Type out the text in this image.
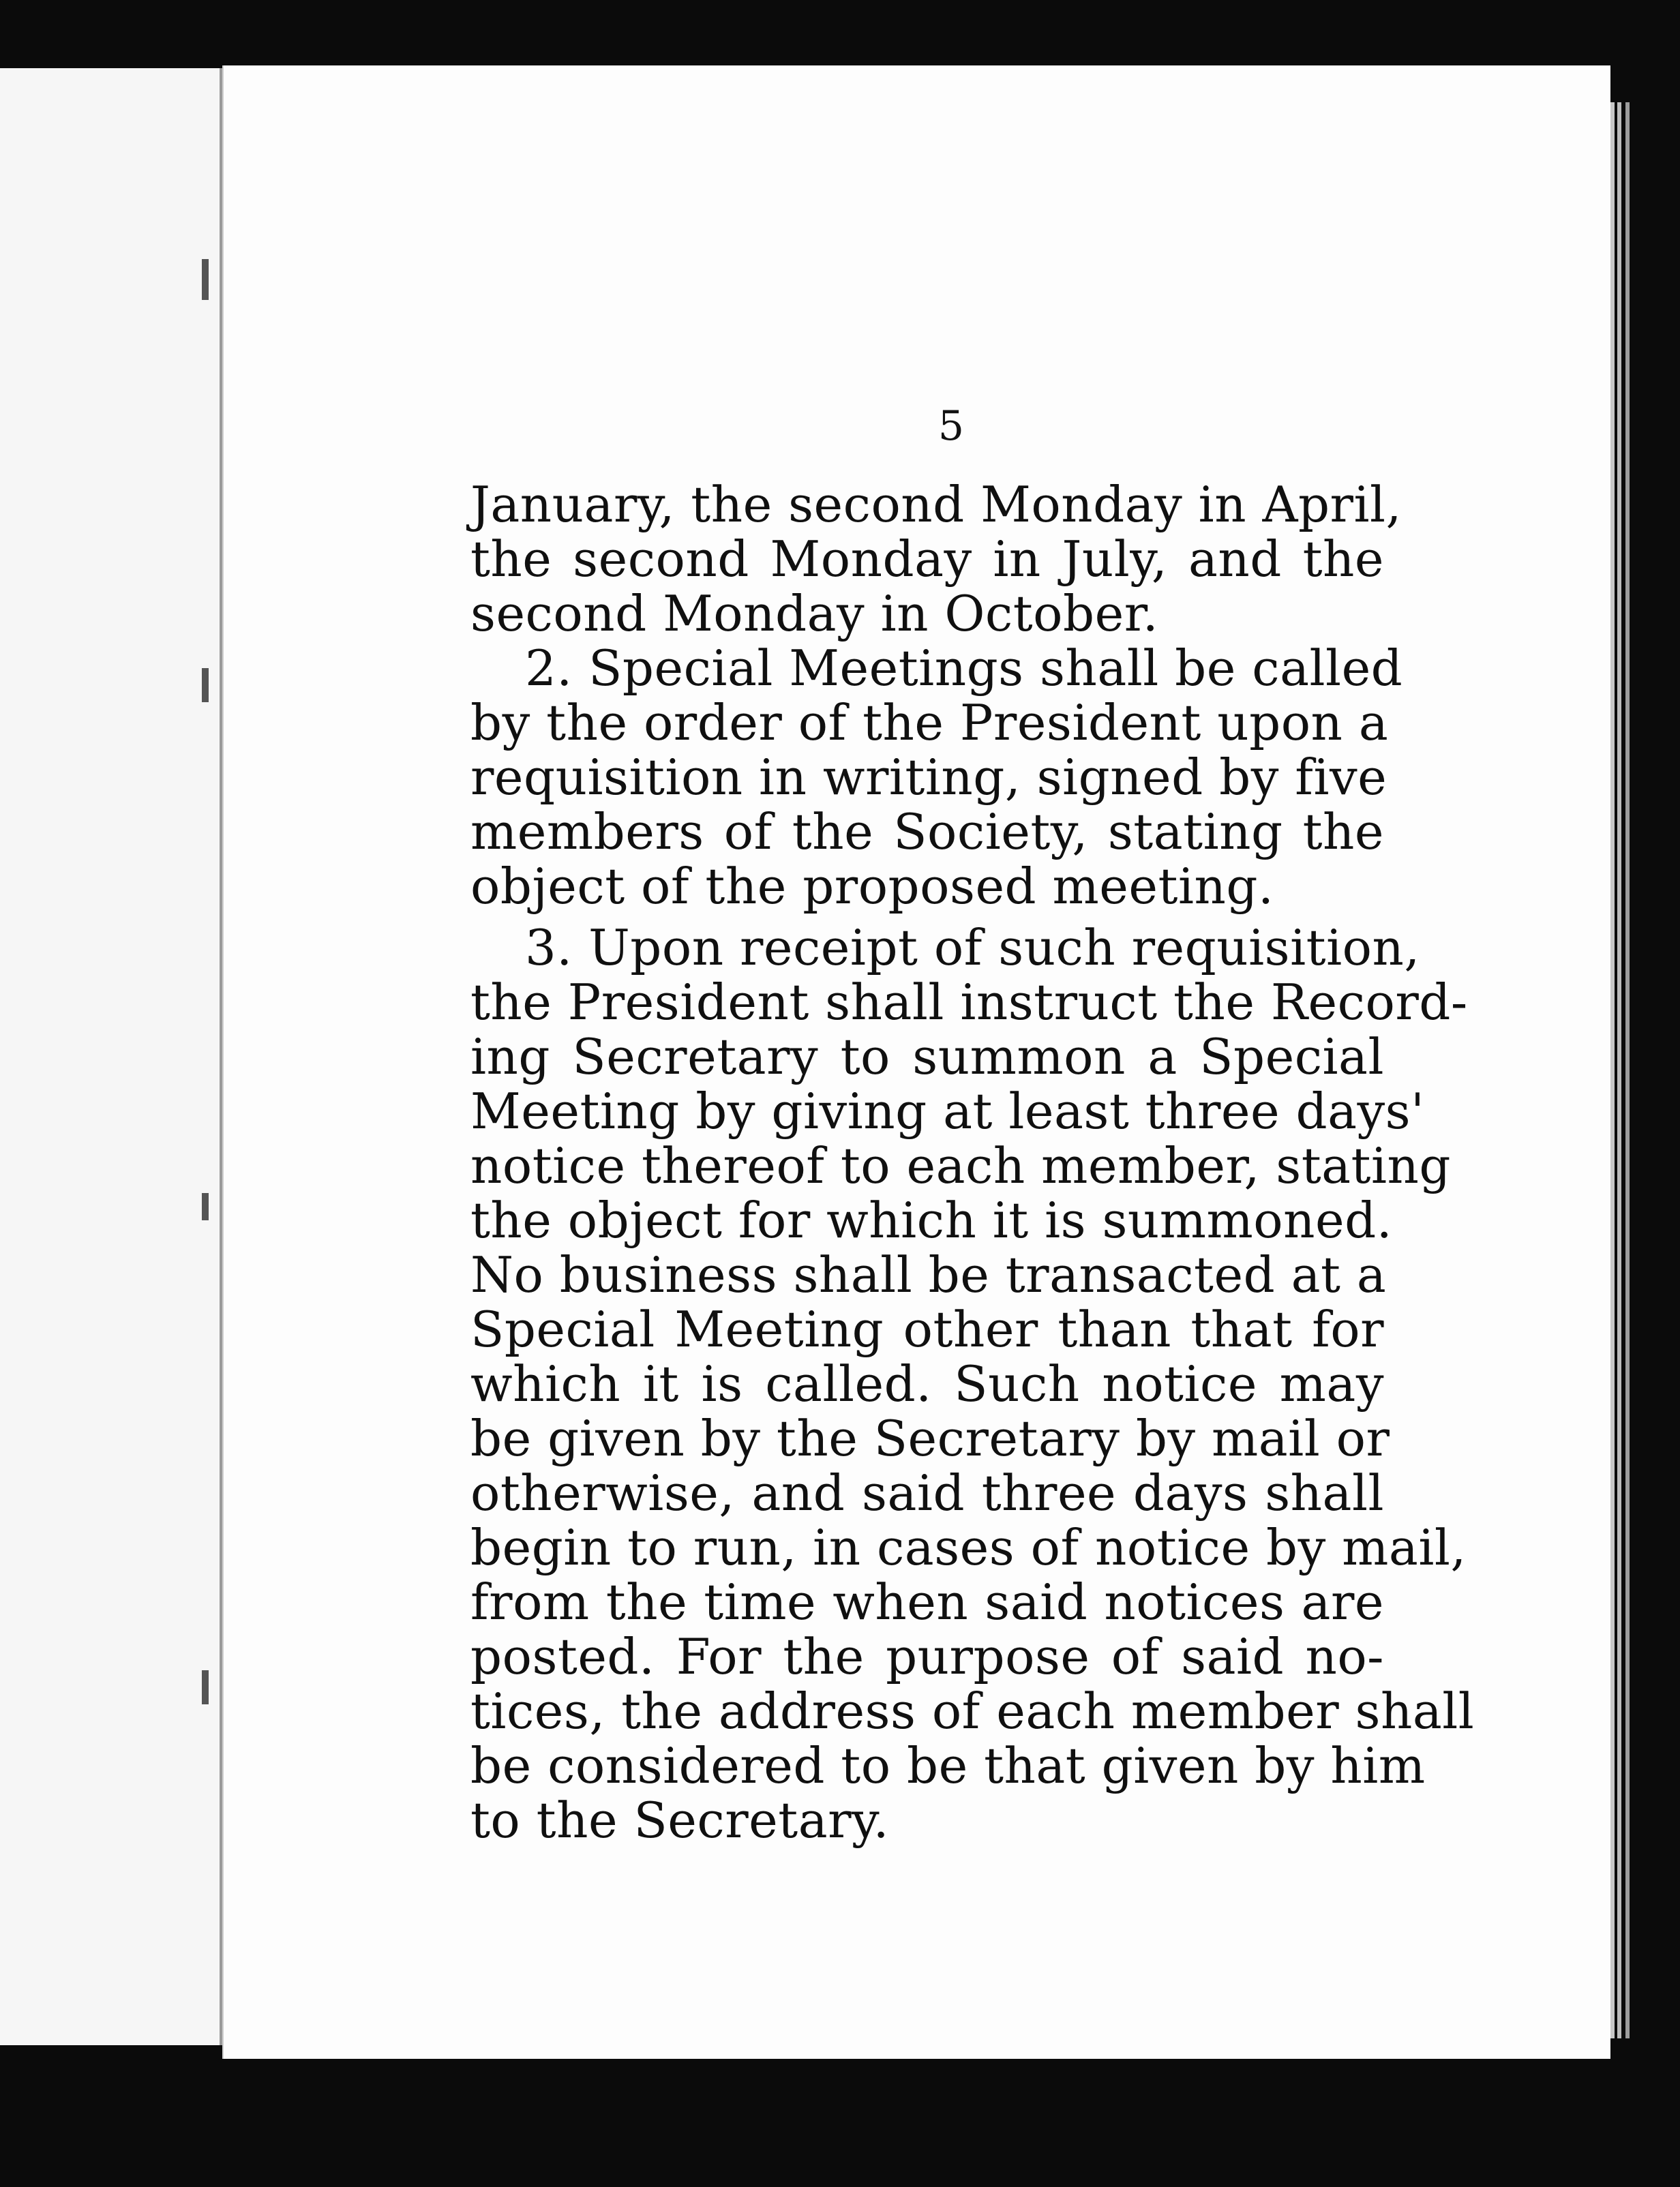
5
January, the second Monday in April,
the second Monday in July, and the
second Monday in October.
2. Special Meetings shall be called
by the order of the President upon a
requisition in writing, signed by five
members of the Society, stating the
object of the proposed meeting.
3. Upon receipt of such requisition,
the President shall instruct the Record-
ing Secretary to summon a Special
Meeting by giving at least three days'
notice thereof to each member, stating
the object for which it is summoned.
No business shall be transacted at a
Special Meeting other than that for
which it is called. Such notice may
be given by the Secretary by mail or
otherwise, and said three days shall
begin to run, in cases of notice by mail,
from the time when said notices are
posted. For the purpose of said no-
tices, the address of each member shall
be considered to be that given by him
to the Secretary.
